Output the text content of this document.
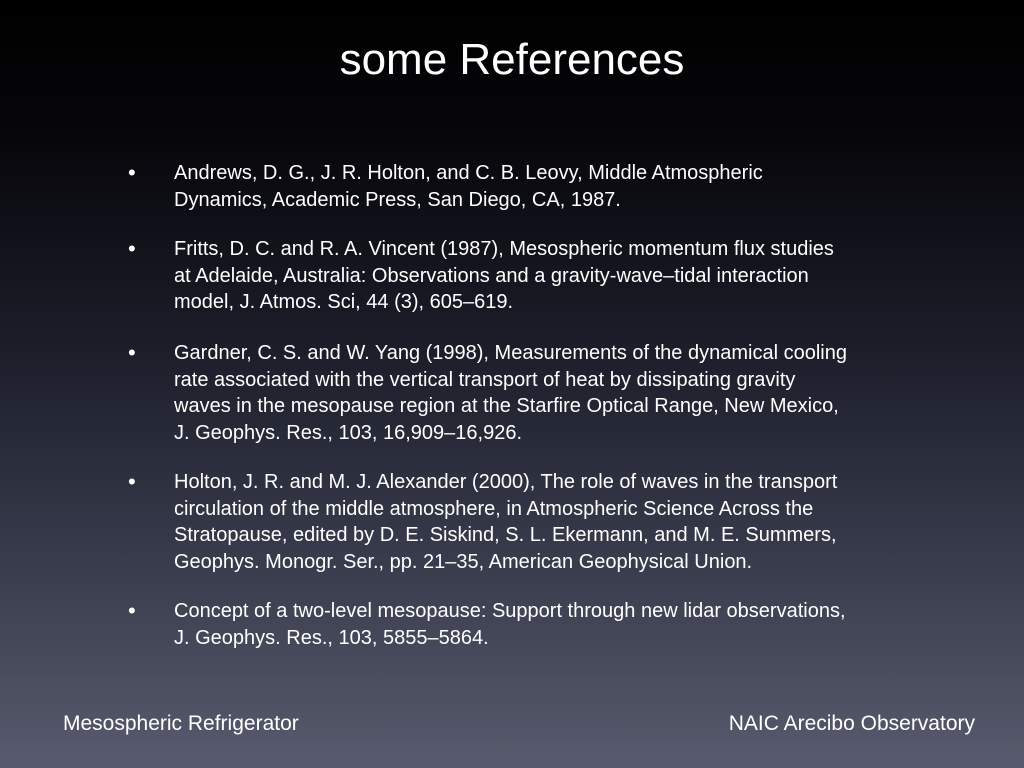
some References
• Andrews, D. G., J. R. Holton, and C. B. Leovy, Middle Atmospheric
Dynamics, Academic Press, San Diego, CA, 1987.
• Fritts, D. C. and R. A. Vincent (1987), Mesospheric momentum flux studies
at Adelaide, Australia: Observations and a gravity-wave–tidal interaction
model, J. Atmos. Sci, 44 (3), 605–619.
• Gardner, C. S. and W. Yang (1998), Measurements of the dynamical cooling
rate associated with the vertical transport of heat by dissipating gravity
waves in the mesopause region at the Starfire Optical Range, New Mexico,
J. Geophys. Res., 103, 16,909–16,926.
• Holton, J. R. and M. J. Alexander (2000), The role of waves in the transport
circulation of the middle atmosphere, in Atmospheric Science Across the
Stratopause, edited by D. E. Siskind, S. L. Ekermann, and M. E. Summers,
Geophys. Monogr. Ser., pp. 21–35, American Geophysical Union.
• Concept of a two-level mesopause: Support through new lidar observations,
J. Geophys. Res., 103, 5855–5864.
Mesospheric Refrigerator	NAIC Arecibo Observatory
